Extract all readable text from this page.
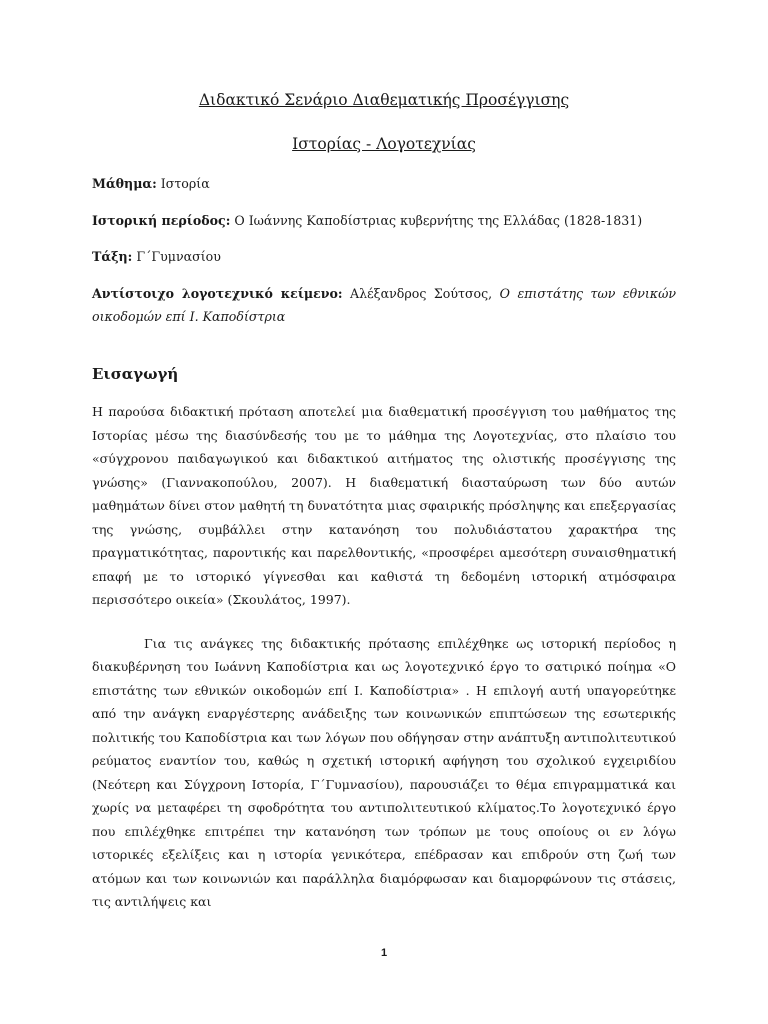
Διδακτικό Σενάριο Διαθεματικής Προσέγγισης
Ιστορίας - Λογοτεχνίας

Μάθημα: Ιστορία

Ιστορική περίοδος: Ο Ιωάννης Καποδίστριας κυβερνήτης της Ελλάδας (1828-1831)

Τάξη: Γ΄Γυμνασίου

Αντίστοιχο λογοτεχνικό κείμενο: Αλέξανδρος Σούτσος, Ο επιστάτης των εθνικών οικοδομών επί Ι. Καποδίστρια

Εισαγωγή

Η παρούσα διδακτική πρόταση αποτελεί μια διαθεματική προσέγγιση του μαθήματος της Ιστορίας μέσω της διασύνδεσής του με το μάθημα της Λογοτεχνίας, στο πλαίσιο του «σύγχρονου παιδαγωγικού και διδακτικού αιτήματος της ολιστικής προσέγγισης της γνώσης» (Γιαννακοπούλου, 2007). Η διαθεματική διασταύρωση των δύο αυτών μαθημάτων δίνει στον μαθητή τη δυνατότητα μιας σφαιρικής πρόσληψης και επεξεργασίας της γνώσης, συμβάλλει στην κατανόηση του πολυδιάστατου χαρακτήρα της πραγματικότητας, παροντικής και παρελθοντικής, «προσφέρει αμεσότερη συναισθηματική επαφή με το ιστορικό γίγνεσθαι και καθιστά τη δεδομένη ιστορική ατμόσφαιρα περισσότερο οικεία» (Σκουλάτος, 1997).

Για τις ανάγκες της διδακτικής πρότασης επιλέχθηκε ως ιστορική περίοδος η διακυβέρνηση του Ιωάννη Καποδίστρια και ως λογοτεχνικό έργο το σατιρικό ποίημα «Ο επιστάτης των εθνικών οικοδομών επί Ι. Καποδίστρια» . Η επιλογή αυτή υπαγορεύτηκε από την ανάγκη εναργέστερης ανάδειξης των κοινωνικών επιπτώσεων της εσωτερικής πολιτικής του Καποδίστρια και των λόγων που οδήγησαν στην ανάπτυξη αντιπολιτευτικού ρεύματος εναντίον του, καθώς η σχετική ιστορική αφήγηση του σχολικού εγχειριδίου (Νεότερη και Σύγχρονη Ιστορία, Γ΄Γυμνασίου), παρουσιάζει το θέμα επιγραμματικά και χωρίς να μεταφέρει τη σφοδρότητα του αντιπολιτευτικού κλίματος.Το λογοτεχνικό έργο που επιλέχθηκε επιτρέπει την κατανόηση των τρόπων με τους οποίους οι εν λόγω ιστορικές εξελίξεις και η ιστορία γενικότερα, επέδρασαν και επιδρούν στη ζωή των ατόμων και των κοινωνιών και παράλληλα διαμόρφωσαν και διαμορφώνουν τις στάσεις, τις αντιλήψεις και

1
